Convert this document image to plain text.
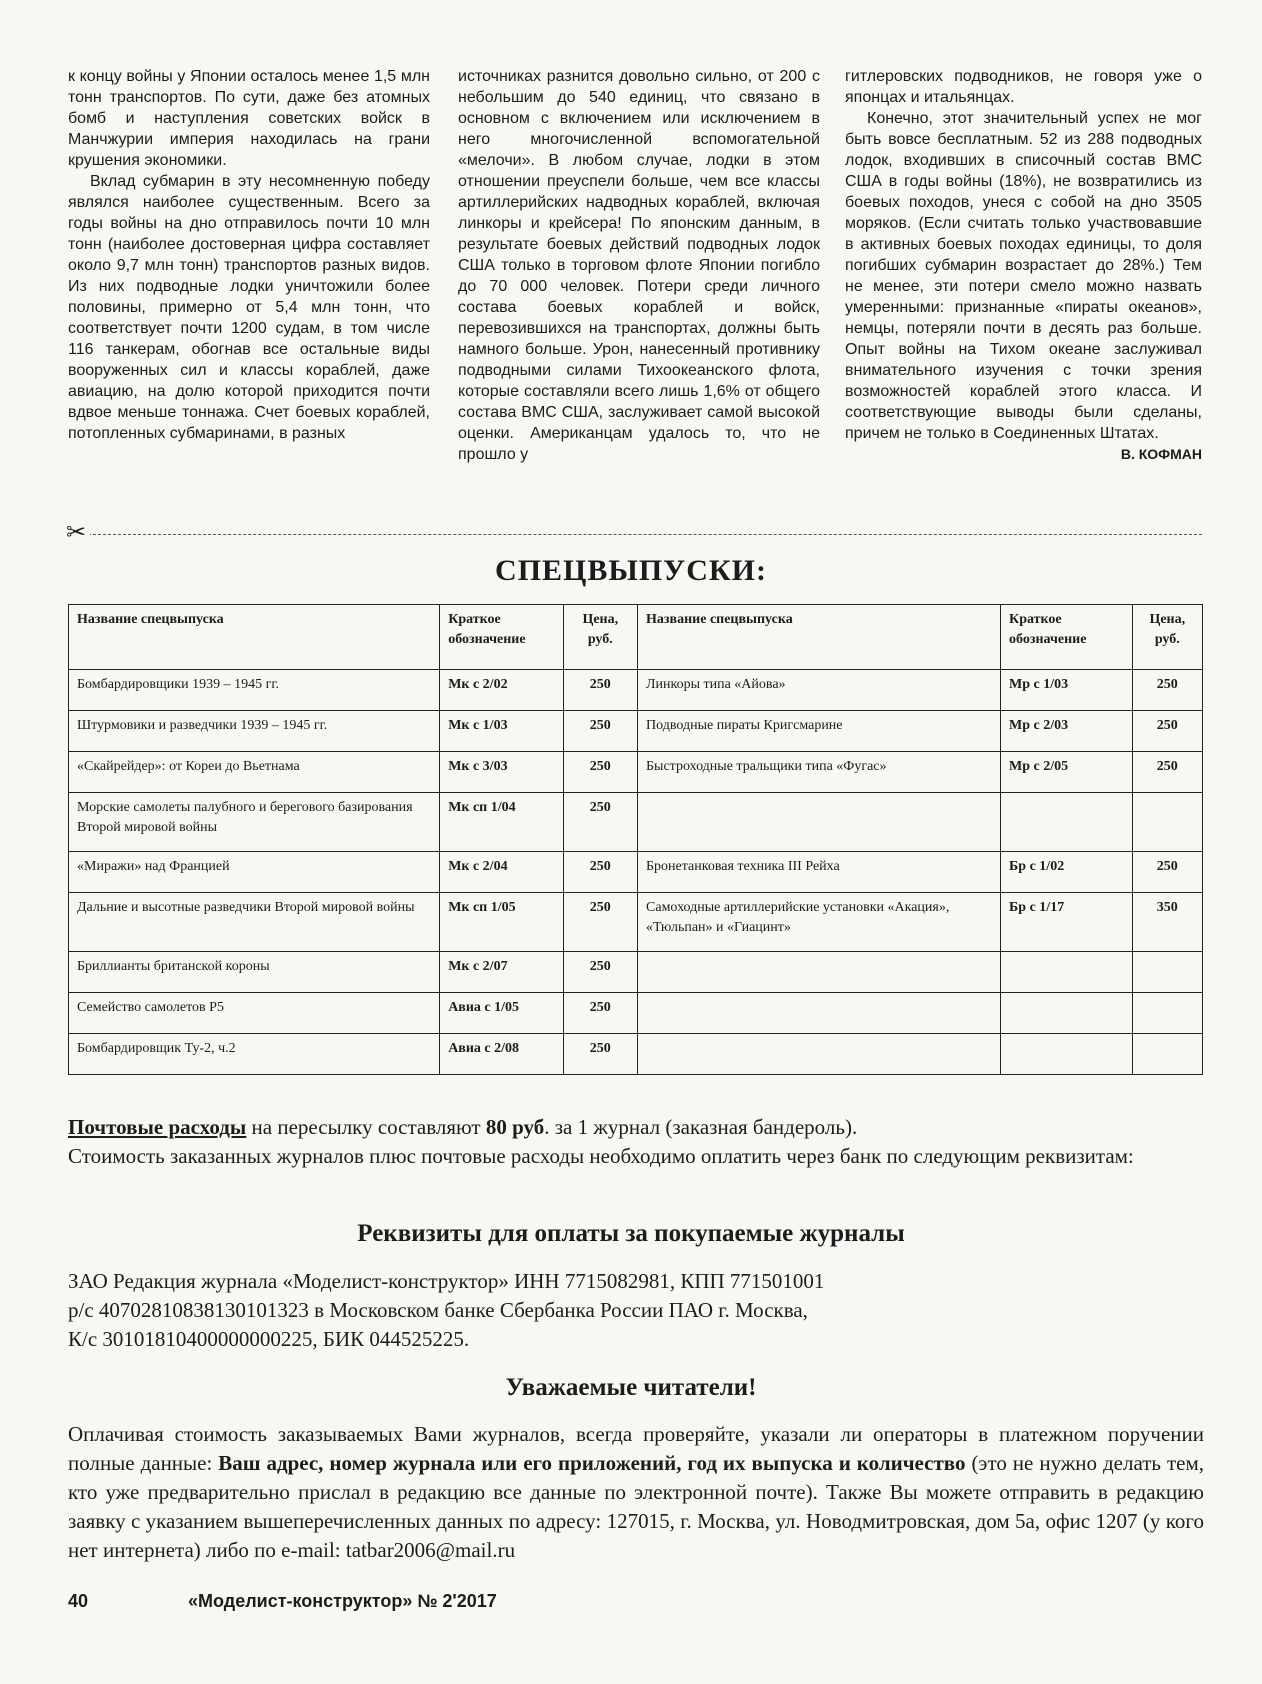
к концу войны у Японии осталось менее 1,5 млн тонн транспортов. По сути, даже без атомных бомб и наступления советских войск в Манчжурии империя находилась на грани крушения экономики.

Вклад субмарин в эту несомненную победу являлся наиболее существенным. Всего за годы войны на дно отправилось почти 10 млн тонн (наиболее достоверная цифра составляет около 9,7 млн тонн) транспортов разных видов. Из них подводные лодки уничтожили более половины, примерно от 5,4 млн тонн, что соответствует почти 1200 судам, в том числе 116 танкерам, обогнав все остальные виды вооруженных сил и классы кораблей, даже авиацию, на долю которой приходится почти вдвое меньше тоннажа. Счет боевых кораблей, потопленных субмаринами, в разных

источниках разнится довольно сильно, от 200 с небольшим до 540 единиц, что связано в основном с включением или исключением в него многочисленной вспомогательной «мелочи». В любом случае, лодки в этом отношении преуспели больше, чем все классы артиллерийских надводных кораблей, включая линкоры и крейсера! По японским данным, в результате боевых действий подводных лодок США только в торговом флоте Японии погибло до 70 000 человек. Потери среди личного состава боевых кораблей и войск, перевозившихся на транспортах, должны быть намного больше. Урон, нанесенный противнику подводными силами Тихоокеанского флота, которые составляли всего лишь 1,6% от общего состава ВМС США, заслуживает самой высокой оценки. Американцам удалось то, что не прошло у

гитлеровских подводников, не говоря уже о японцах и итальянцах.

Конечно, этот значительный успех не мог быть вовсе бесплатным. 52 из 288 подводных лодок, входивших в списочный состав ВМС США в годы войны (18%), не возвратились из боевых походов, унеся с собой на дно 3505 моряков. (Если считать только участвовавшие в активных боевых походах единицы, то доля погибших субмарин возрастает до 28%.) Тем не менее, эти потери смело можно назвать умеренными: признанные «пираты океанов», немцы, потеряли почти в десять раз больше. Опыт войны на Тихом океане заслуживал внимательного изучения с точки зрения возможностей кораблей этого класса. И соответствующие выводы были сделаны, причем не только в Соединенных Штатах.

В. КОФМАН

✂
СПЕЦВЫПУСКИ:
Название спецвыпуска	Краткое обозначение	Цена, руб.	Название спецвыпуска	Краткое обозначение	Цена, руб.
Бомбардировщики 1939 – 1945 гг.	Мк с 2/02	250	Линкоры типа «Айова»	Мр с 1/03	250
Штурмовики и разведчики 1939 – 1945 гг.	Мк с 1/03	250	Подводные пираты Кригсмарине	Мр с 2/03	250
«Скайрейдер»: от Кореи до Вьетнама	Мк с 3/03	250	Быстроходные тральщики типа «Фугас»	Мр с 2/05	250
Морские самолеты палубного и берегового базирования Второй мировой войны	Мк сп 1/04	250			
«Миражи» над Францией	Мк с 2/04	250	Бронетанковая техника III Рейха	Бр с 1/02	250
Дальние и высотные разведчики Второй мировой войны	Мк сп 1/05	250	Самоходные артиллерийские установки «Акация», «Тюльпан» и «Гиацинт»	Бр с 1/17	350
Бриллианты британской короны	Мк с 2/07	250			
Семейство самолетов Р5	Авиа с 1/05	250			
Бомбардировщик Ту-2, ч.2	Авиа с 2/08	250			
Почтовые расходы на пересылку составляют 80 руб. за 1 журнал (заказная бандероль).
Стоимость заказанных журналов плюс почтовые расходы необходимо оплатить через банк по следующим реквизитам:
Реквизиты для оплаты за покупаемые журналы
ЗАО Редакция журнала «Моделист-конструктор» ИНН 7715082981, КПП 771501001
р/с 40702810838130101323 в Московском банке Сбербанка России ПАО г. Москва,
К/с 30101810400000000225, БИК 044525225.
Уважаемые читатели!
Оплачивая стоимость заказываемых Вами журналов, всегда проверяйте, указали ли операторы в платежном поручении полные данные: Ваш адрес, номер журнала или его приложений, год их выпуска и количество (это не нужно делать тем, кто уже предварительно прислал в редакцию все данные по электронной почте). Также Вы можете отправить в редакцию заявку с указанием вышеперечисленных данных по адресу: 127015, г. Москва, ул. Новодмитровская, дом 5а, офис 1207 (у кого нет интернета) либо по e-mail: tatbar2006@mail.ru
40	«Моделист-конструктор» № 2'2017
